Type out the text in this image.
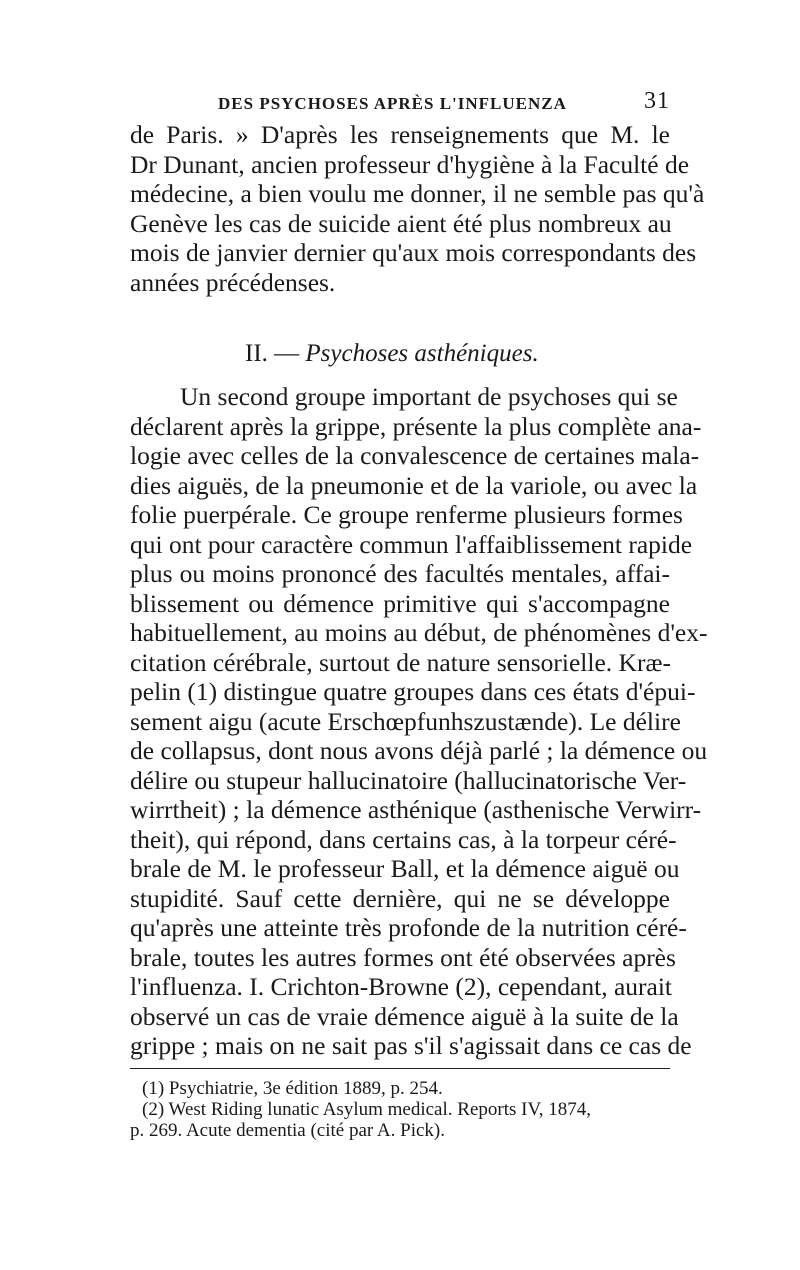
DES PSYCHOSES APRÈS L'INFLUENZA	31
de Paris. » D'après les renseignements que M. le
Dr Dunant, ancien professeur d'hygiène à la Faculté de
médecine, a bien voulu me donner, il ne semble pas qu'à
Genève les cas de suicide aient été plus nombreux au
mois de janvier dernier qu'aux mois correspondants des
années précédenses.
II. — Psychoses asthéniques.
Un second groupe important de psychoses qui se
déclarent après la grippe, présente la plus complète ana-
logie avec celles de la convalescence de certaines mala-
dies aiguës, de la pneumonie et de la variole, ou avec la
folie puerpérale. Ce groupe renferme plusieurs formes
qui ont pour caractère commun l'affaiblissement rapide
plus ou moins prononcé des facultés mentales, affai-
blissement ou démence primitive qui s'accompagne
habituellement, au moins au début, de phénomènes d'ex-
citation cérébrale, surtout de nature sensorielle. Kræ-
pelin (1) distingue quatre groupes dans ces états d'épui-
sement aigu (acute Erschœpfunhszustænde). Le délire
de collapsus, dont nous avons déjà parlé ; la démence ou
délire ou stupeur hallucinatoire (hallucinatorische Ver-
wirrtheit) ; la démence asthénique (asthenische Verwirr-
theit), qui répond, dans certains cas, à la torpeur céré-
brale de M. le professeur Ball, et la démence aiguë ou
stupidité. Sauf cette dernière, qui ne se développe
qu'après une atteinte très profonde de la nutrition céré-
brale, toutes les autres formes ont été observées après
l'influenza. I. Crichton-Browne (2), cependant, aurait
observé un cas de vraie démence aiguë à la suite de la
grippe ; mais on ne sait pas s'il s'agissait dans ce cas de
(1) Psychiatrie, 3e édition 1889, p. 254.
(2) West Riding lunatic Asylum medical. Reports IV, 1874,
p. 269. Acute dementia (cité par A. Pick).
